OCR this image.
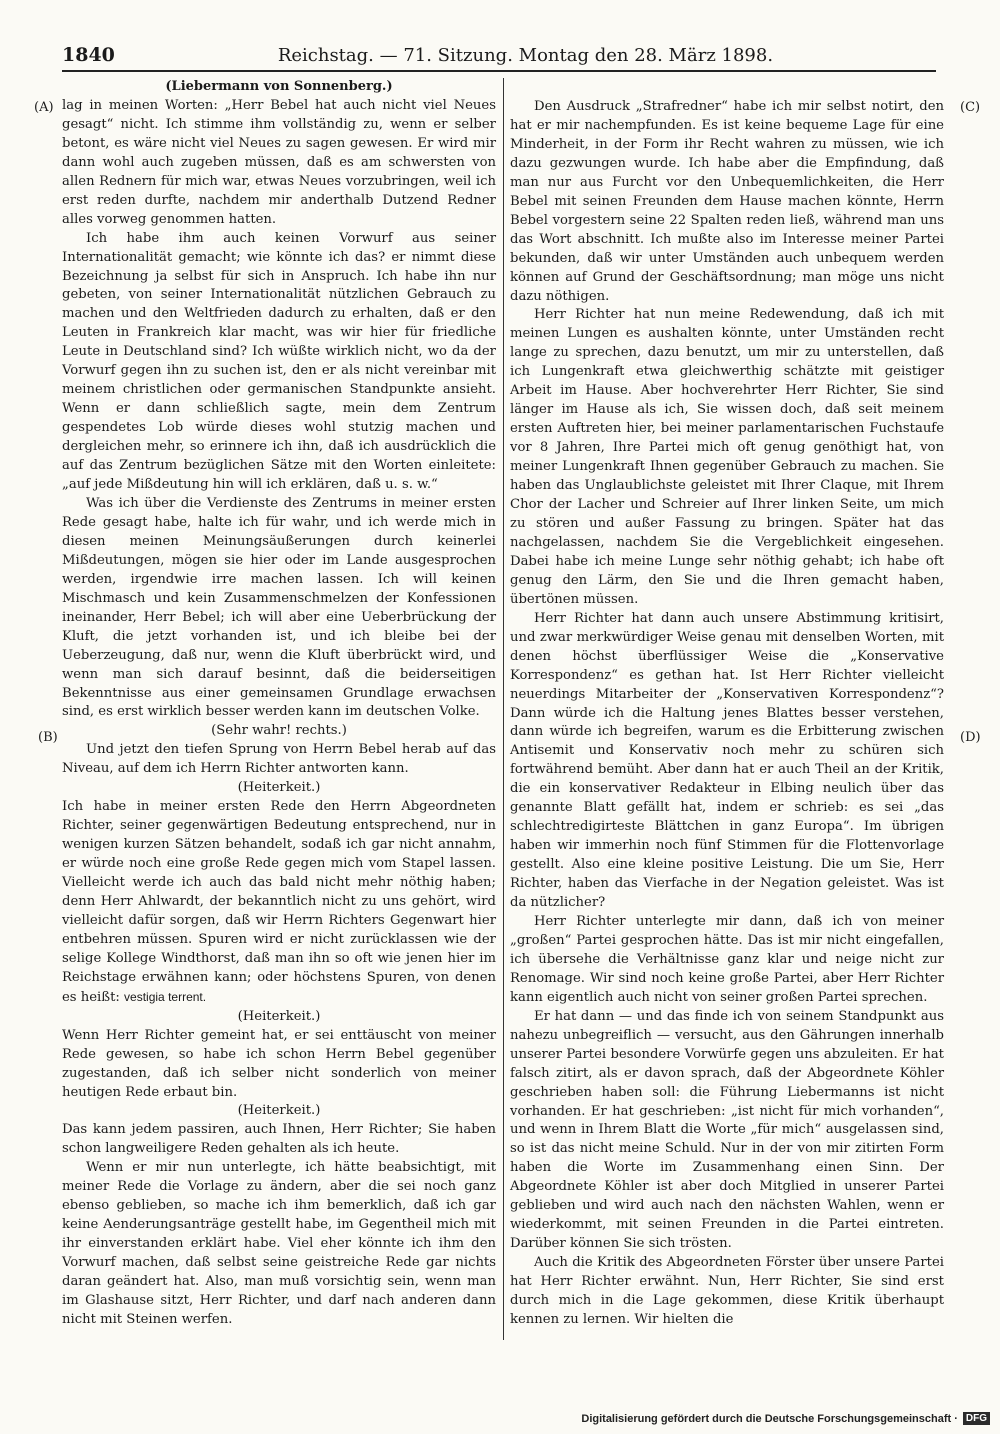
1840	Reichstag. — 71. Sitzung. Montag den 28. März 1898.
(A)
(B)
(C)
(D)

(Liebermann von Sonnenberg.)

lag in meinen Worten: „Herr Bebel hat auch nicht viel Neues gesagt“ nicht. Ich stimme ihm vollständig zu, wenn er selber betont, es wäre nicht viel Neues zu sagen gewesen. Er wird mir dann wohl auch zugeben müssen, daß es am schwersten von allen Rednern für mich war, etwas Neues vorzubringen, weil ich erst reden durfte, nachdem mir anderthalb Dutzend Redner alles vorweg genommen hatten.

Ich habe ihm auch keinen Vorwurf aus seiner Internationalität gemacht; wie könnte ich das? er nimmt diese Bezeichnung ja selbst für sich in Anspruch. Ich habe ihn nur gebeten, von seiner Internationalität nützlichen Gebrauch zu machen und den Weltfrieden dadurch zu erhalten, daß er den Leuten in Frankreich klar macht, was wir hier für friedliche Leute in Deutschland sind? Ich wüßte wirklich nicht, wo da der Vorwurf gegen ihn zu suchen ist, den er als nicht vereinbar mit meinem christlichen oder germanischen Standpunkte ansieht. Wenn er dann schließlich sagte, mein dem Zentrum gespendetes Lob würde dieses wohl stutzig machen und dergleichen mehr, so erinnere ich ihn, daß ich ausdrücklich die auf das Zentrum bezüglichen Sätze mit den Worten einleitete: „auf jede Mißdeutung hin will ich erklären, daß u. s. w.“

Was ich über die Verdienste des Zentrums in meiner ersten Rede gesagt habe, halte ich für wahr, und ich werde mich in diesen meinen Meinungsäußerungen durch keinerlei Mißdeutungen, mögen sie hier oder im Lande ausgesprochen werden, irgendwie irre machen lassen. Ich will keinen Mischmasch und kein Zusammenschmelzen der Konfessionen ineinander, Herr Bebel; ich will aber eine Ueberbrückung der Kluft, die jetzt vorhanden ist, und ich bleibe bei der Ueberzeugung, daß nur, wenn die Kluft überbrückt wird, und wenn man sich darauf besinnt, daß die beiderseitigen Bekenntnisse aus einer gemeinsamen Grundlage erwachsen sind, es erst wirklich besser werden kann im deutschen Volke.

(Sehr wahr! rechts.)

Und jetzt den tiefen Sprung von Herrn Bebel herab auf das Niveau, auf dem ich Herrn Richter antworten kann.

(Heiterkeit.)

Ich habe in meiner ersten Rede den Herrn Abgeordneten Richter, seiner gegenwärtigen Bedeutung entsprechend, nur in wenigen kurzen Sätzen behandelt, sodaß ich gar nicht annahm, er würde noch eine große Rede gegen mich vom Stapel lassen. Vielleicht werde ich auch das bald nicht mehr nöthig haben; denn Herr Ahlwardt, der bekanntlich nicht zu uns gehört, wird vielleicht dafür sorgen, daß wir Herrn Richters Gegenwart hier entbehren müssen. Spuren wird er nicht zurücklassen wie der selige Kollege Windthorst, daß man ihn so oft wie jenen hier im Reichstage erwähnen kann; oder höchstens Spuren, von denen es heißt: vestigia terrent.

(Heiterkeit.)

Wenn Herr Richter gemeint hat, er sei enttäuscht von meiner Rede gewesen, so habe ich schon Herrn Bebel gegenüber zugestanden, daß ich selber nicht sonderlich von meiner heutigen Rede erbaut bin.

(Heiterkeit.)

Das kann jedem passiren, auch Ihnen, Herr Richter; Sie haben schon langweiligere Reden gehalten als ich heute.

Wenn er mir nun unterlegte, ich hätte beabsichtigt, mit meiner Rede die Vorlage zu ändern, aber die sei noch ganz ebenso geblieben, so mache ich ihm bemerklich, daß ich gar keine Aenderungsanträge gestellt habe, im Gegentheil mich mit ihr einverstanden erklärt habe. Viel eher könnte ich ihm den Vorwurf machen, daß selbst seine geistreiche Rede gar nichts daran geändert hat. Also, man muß vorsichtig sein, wenn man im Glashause sitzt, Herr Richter, und darf nach anderen dann nicht mit Steinen werfen.

Den Ausdruck „Strafredner“ habe ich mir selbst notirt, den hat er mir nachempfunden. Es ist keine bequeme Lage für eine Minderheit, in der Form ihr Recht wahren zu müssen, wie ich dazu gezwungen wurde. Ich habe aber die Empfindung, daß man nur aus Furcht vor den Unbequemlichkeiten, die Herr Bebel mit seinen Freunden dem Hause machen könnte, Herrn Bebel vorgestern seine 22 Spalten reden ließ, während man uns das Wort abschnitt. Ich mußte also im Interesse meiner Partei bekunden, daß wir unter Umständen auch unbequem werden können auf Grund der Geschäftsordnung; man möge uns nicht dazu nöthigen.

Herr Richter hat nun meine Redewendung, daß ich mit meinen Lungen es aushalten könnte, unter Umständen recht lange zu sprechen, dazu benutzt, um mir zu unterstellen, daß ich Lungenkraft etwa gleichwerthig schätzte mit geistiger Arbeit im Hause. Aber hochverehrter Herr Richter, Sie sind länger im Hause als ich, Sie wissen doch, daß seit meinem ersten Auftreten hier, bei meiner parlamentarischen Fuchstaufe vor 8 Jahren, Ihre Partei mich oft genug genöthigt hat, von meiner Lungenkraft Ihnen gegenüber Gebrauch zu machen. Sie haben das Unglaublichste geleistet mit Ihrer Claque, mit Ihrem Chor der Lacher und Schreier auf Ihrer linken Seite, um mich zu stören und außer Fassung zu bringen. Später hat das nachgelassen, nachdem Sie die Vergeblichkeit eingesehen. Dabei habe ich meine Lunge sehr nöthig gehabt; ich habe oft genug den Lärm, den Sie und die Ihren gemacht haben, übertönen müssen.

Herr Richter hat dann auch unsere Abstimmung kritisirt, und zwar merkwürdiger Weise genau mit denselben Worten, mit denen höchst überflüssiger Weise die „Konservative Korrespondenz“ es gethan hat. Ist Herr Richter vielleicht neuerdings Mitarbeiter der „Konservativen Korrespondenz“? Dann würde ich die Haltung jenes Blattes besser verstehen, dann würde ich begreifen, warum es die Erbitterung zwischen Antisemit und Konservativ noch mehr zu schüren sich fortwährend bemüht. Aber dann hat er auch Theil an der Kritik, die ein konservativer Redakteur in Elbing neulich über das genannte Blatt gefällt hat, indem er schrieb: es sei „das schlechtredigirteste Blättchen in ganz Europa“. Im übrigen haben wir immerhin noch fünf Stimmen für die Flottenvorlage gestellt. Also eine kleine positive Leistung. Die um Sie, Herr Richter, haben das Vierfache in der Negation geleistet. Was ist da nützlicher?

Herr Richter unterlegte mir dann, daß ich von meiner „großen“ Partei gesprochen hätte. Das ist mir nicht eingefallen, ich übersehe die Verhältnisse ganz klar und neige nicht zur Renomage. Wir sind noch keine große Partei, aber Herr Richter kann eigentlich auch nicht von seiner großen Partei sprechen.

Er hat dann — und das finde ich von seinem Standpunkt aus nahezu unbegreiflich — versucht, aus den Gährungen innerhalb unserer Partei besondere Vorwürfe gegen uns abzuleiten. Er hat falsch zitirt, als er davon sprach, daß der Abgeordnete Köhler geschrieben haben soll: die Führung Liebermanns ist nicht vorhanden. Er hat geschrieben: „ist nicht für mich vorhanden“, und wenn in Ihrem Blatt die Worte „für mich“ ausgelassen sind, so ist das nicht meine Schuld. Nur in der von mir zitirten Form haben die Worte im Zusammenhang einen Sinn. Der Abgeordnete Köhler ist aber doch Mitglied in unserer Partei geblieben und wird auch nach den nächsten Wahlen, wenn er wiederkommt, mit seinen Freunden in die Partei eintreten. Darüber können Sie sich trösten.

Auch die Kritik des Abgeordneten Förster über unsere Partei hat Herr Richter erwähnt. Nun, Herr Richter, Sie sind erst durch mich in die Lage gekommen, diese Kritik überhaupt kennen zu lernen. Wir hielten die

Digitalisierung gefördert durch die Deutsche Forschungsgemeinschaft · DFG
